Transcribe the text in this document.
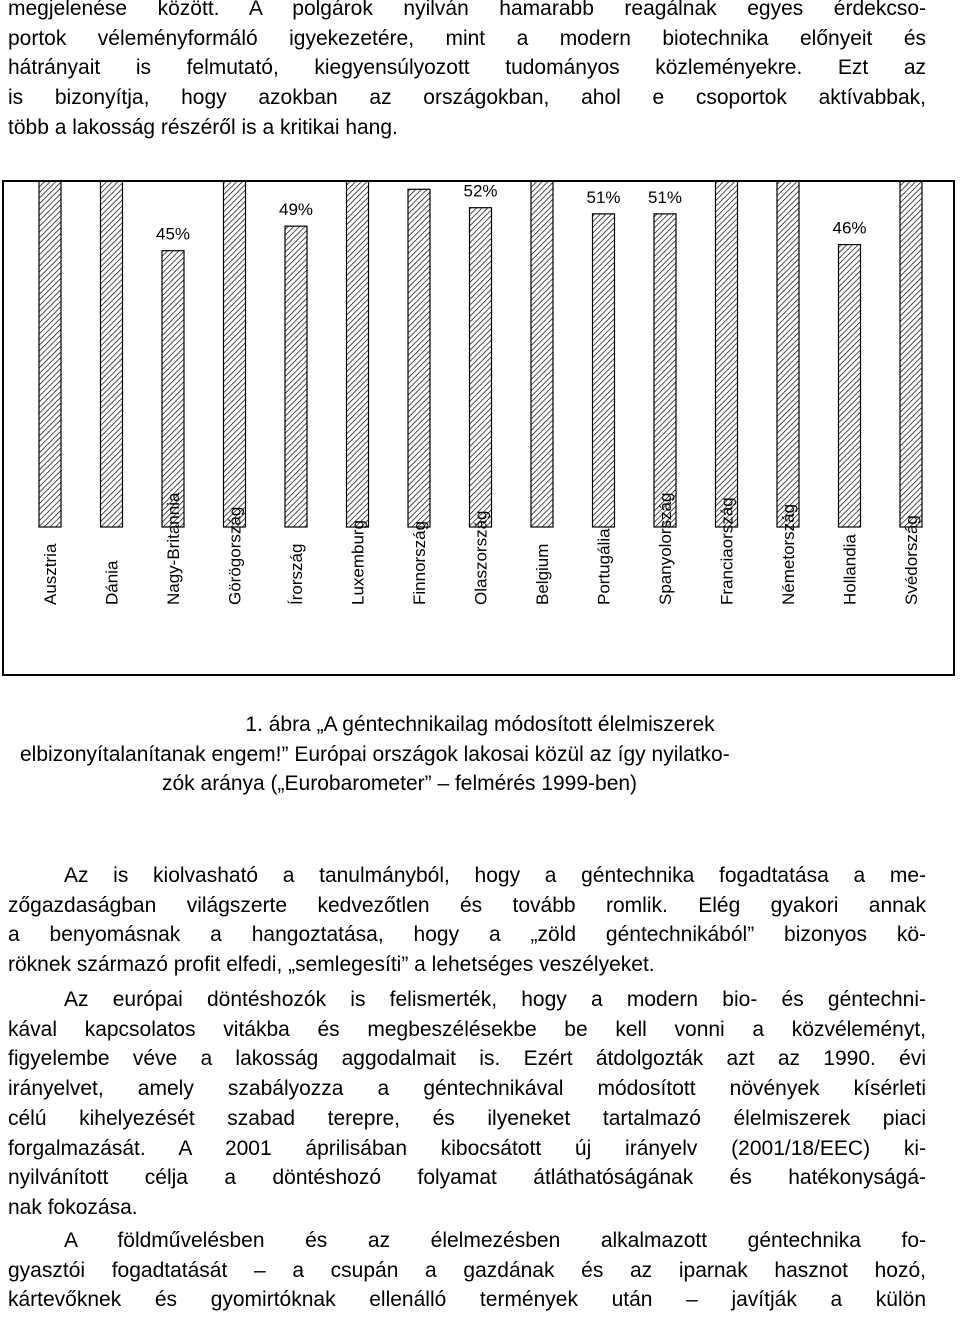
megjelenése között. A polgárok nyilván hamarabb reagálnak egyes érdekcso-
portok véleményformáló igyekezetére, mint a modern biotechnika előnyeit és
hátrányait is felmutató, kiegyensúlyozott tudományos közleményekre. Ezt az
is bizonyítja, hogy azokban az országokban, ahol e csoportok aktívabbak,
több a lakosság részéről is a kritikai hang.
Ausztria	Dánia
45%
Nagy-Britannia	Görögország
49%
Írország	Luxemburg	Finnország
52%
Olaszország	Belgium
51%
Portugália
51%
Spanyolország	Franciaország	Németország
46%
Hollandia	Svédország
1. ábra „A géntechnikailag módosított élelmiszerek
elbizonyítalanítanak engem!” Európai országok lakosai közül az így nyilatko-
zók aránya („Eurobarometer” – felmérés 1999-ben)
Az is kiolvasható a tanulmányból, hogy a géntechnika fogadtatása a me-
zőgazdaságban világszerte kedvezőtlen és tovább romlik. Elég gyakori annak
a benyomásnak a hangoztatása, hogy a „zöld géntechnikából” bizonyos kö-
röknek származó profit elfedi, „semlegesíti” a lehetséges veszélyeket.
Az európai döntéshozók is felismerték, hogy a modern bio- és géntechni-
kával kapcsolatos vitákba és megbeszélésekbe be kell vonni a közvéleményt,
figyelembe véve a lakosság aggodalmait is. Ezért átdolgozták azt az 1990. évi
irányelvet, amely szabályozza a géntechnikával módosított növények kísérleti
célú kihelyezését szabad terepre, és ilyeneket tartalmazó élelmiszerek piaci
forgalmazását. A 2001 áprilisában kibocsátott új irányelv (2001/18/EEC) ki-
nyilvánított célja a döntéshozó folyamat átláthatóságának és hatékonyságá-
nak fokozása.
A földművelésben és az élelmezésben alkalmazott géntechnika fo-
gyasztói fogadtatását – a csupán a gazdának és az iparnak hasznot hozó,
kártevőknek és gyomirtóknak ellenálló termények után – javítják a külön
